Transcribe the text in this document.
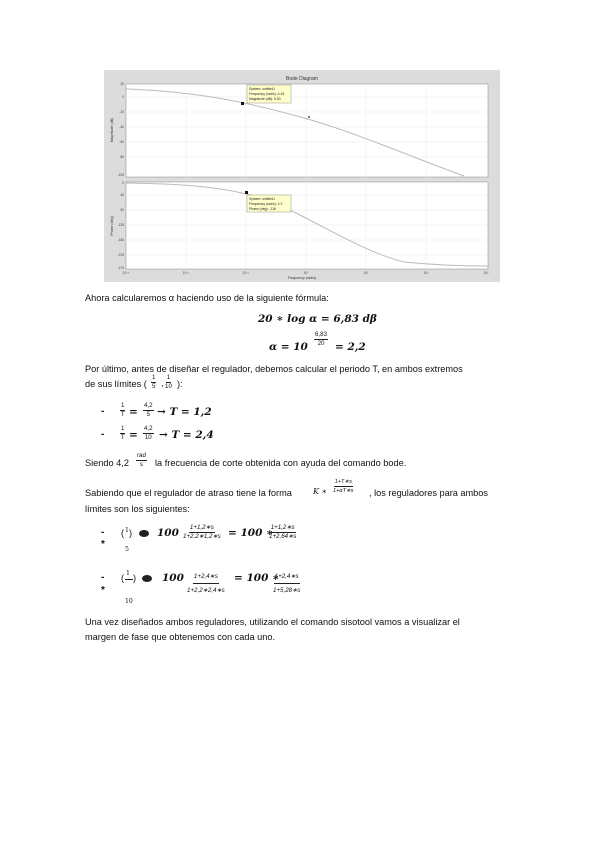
Bode Diagram
System: untitled1
Frequency (rad/s): 4.15
Magnitude (dB): 6.83
System: untitled1
Frequency (rad/s): 4.2
Phase (deg): -116
Magnitude (dB)
Phase (deg)
20
0
-20
-40
-60
-80
-100
0
-45
-90
-135
-180
-225
-270
10⁻³	10⁻²	10⁻¹	10⁰	10¹	10²	10³
Frequency (rad/s)
Ahora calcularemos α haciendo uso de la siguiente fórmula:
20 ∗ log α = 6,83 dβ
$\alpha = 10 \frac{6,83}{20} = 2,2$
Por último, antes de diseñar el regulador, debemos calcular el periodo T, en ambos extremos
de sus límites ( $\frac{1}{5}$ , $\frac{1}{10}$ ):
-	$\frac{1}{T} = \frac{4,2}{5} \to T = 1,2$
-	$\frac{1}{T} = \frac{4,2}{10} \to T = 2,4$
Siendo 4,2
rad
s la frecuencia de corte obtenida con ayuda del comando bode.
Sabiendo que el regulador de atraso tiene la forma	K ∗ $\frac{1+T∗s}{1+\alpha T∗s}$ , los reguladores para ambos
límites son los siguientes:
-
*
( 1 )
5
$100 \frac{1+1,2∗s}{1+2,2∗1,2∗s} = 100$ ∗
$\frac{1+1,2∗s}{1+2,64∗s}$
-
*
( 1 )
10
$100 \frac{1+2,4∗s}{1+2,2∗2,4∗s} = 100$ ∗
$\frac{1+2,4∗s}{1+5,28∗s}$
Una vez diseñados ambos reguladores, utilizando el comando sisotool vamos a visualizar el
margen de fase que obtenemos con cada uno.
